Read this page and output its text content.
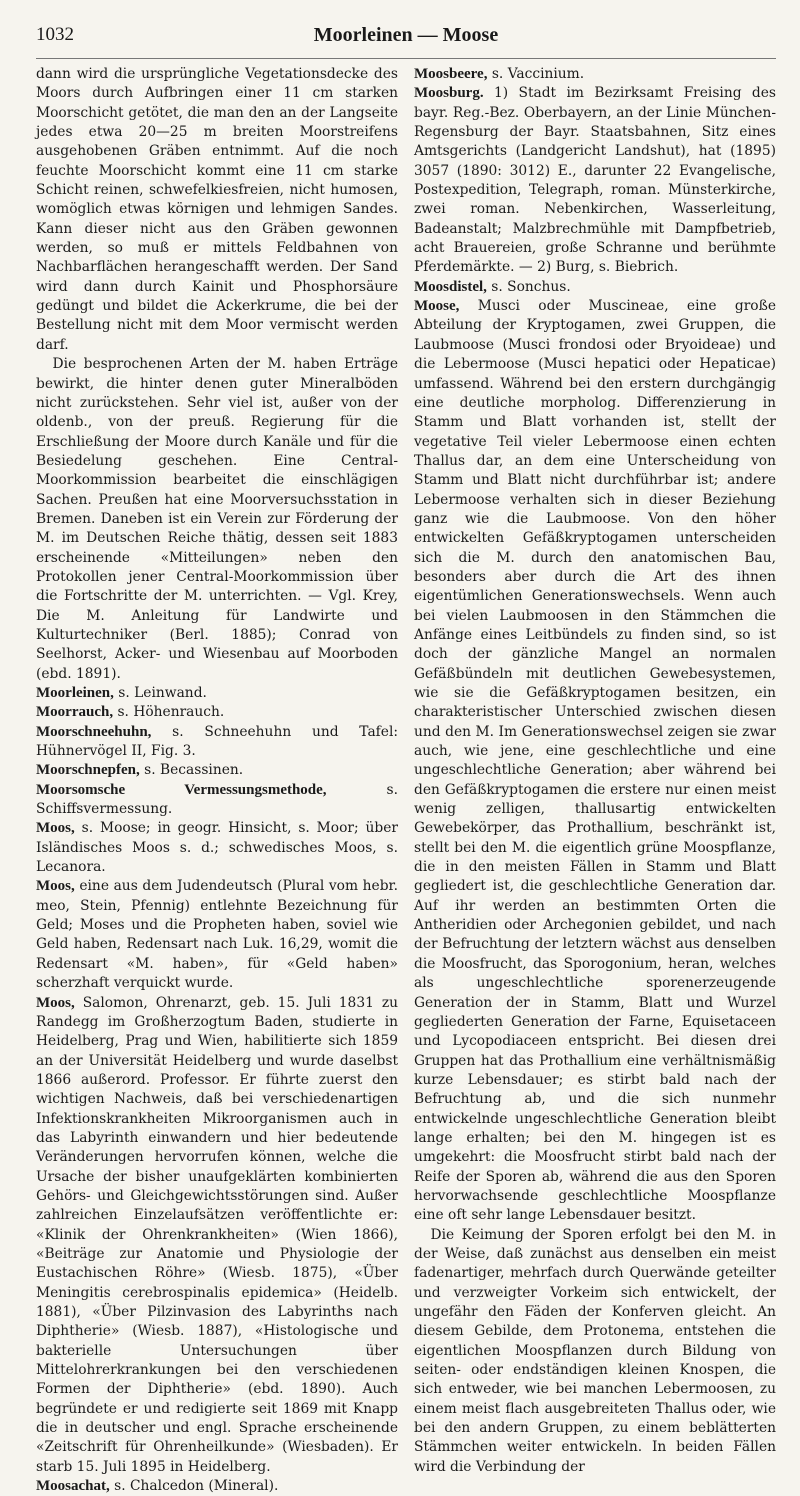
1032	Moorleinen — Moose

dann wird die ursprüngliche Vegetationsdecke des Moors durch Aufbringen einer 11 cm starken Moorschicht getötet, die man den an der Langseite jedes etwa 20—25 m breiten Moorstreifens ausgehobenen Gräben entnimmt. Auf die noch feuchte Moorschicht kommt eine 11 cm starke Schicht reinen, schwefelkiesfreien, nicht humosen, womöglich etwas körnigen und lehmigen Sandes. Kann dieser nicht aus den Gräben gewonnen werden, so muß er mittels Feldbahnen von Nachbarflächen herangeschafft werden. Der Sand wird dann durch Kainit und Phosphorsäure gedüngt und bildet die Ackerkrume, die bei der Bestellung nicht mit dem Moor vermischt werden darf.

Die besprochenen Arten der M. haben Erträge bewirkt, die hinter denen guter Mineralböden nicht zurückstehen. Sehr viel ist, außer von der oldenb., von der preuß. Regierung für die Erschließung der Moore durch Kanäle und für die Besiedelung geschehen. Eine Central-Moorkommission bearbeitet die einschlägigen Sachen. Preußen hat eine Moorversuchsstation in Bremen. Daneben ist ein Verein zur Förderung der M. im Deutschen Reiche thätig, dessen seit 1883 erscheinende «Mitteilungen» neben den Protokollen jener Central-Moorkommission über die Fortschritte der M. unterrichten. — Vgl. Krey, Die M. Anleitung für Landwirte und Kulturtechniker (Berl. 1885); Conrad von Seelhorst, Acker- und Wiesenbau auf Moorboden (ebd. 1891).

Moorleinen, s. Leinwand.

Moorrauch, s. Höhenrauch.

Moorschneehuhn, s. Schneehuhn und Tafel: Hühnervögel II, Fig. 3.

Moorschnepfen, s. Becassinen.

Moorsomsche Vermessungsmethode, s. Schiffsvermessung.

Moos, s. Moose; in geogr. Hinsicht, s. Moor; über Isländisches Moos s. d.; schwedisches Moos, s. Lecanora.

Moos, eine aus dem Judendeutsch (Plural vom hebr. meo, Stein, Pfennig) entlehnte Bezeichnung für Geld; Moses und die Propheten haben, soviel wie Geld haben, Redensart nach Luk. 16,29, womit die Redensart «M. haben», für «Geld haben» scherzhaft verquickt wurde.

Moos, Salomon, Ohrenarzt, geb. 15. Juli 1831 zu Randegg im Großherzogtum Baden, studierte in Heidelberg, Prag und Wien, habilitierte sich 1859 an der Universität Heidelberg und wurde daselbst 1866 außerord. Professor. Er führte zuerst den wichtigen Nachweis, daß bei verschiedenartigen Infektionskrankheiten Mikroorganismen auch in das Labyrinth einwandern und hier bedeutende Veränderungen hervorrufen können, welche die Ursache der bisher unaufgeklärten kombinierten Gehörs- und Gleichgewichtsstörungen sind. Außer zahlreichen Einzelaufsätzen veröffentlichte er: «Klinik der Ohrenkrankheiten» (Wien 1866), «Beiträge zur Anatomie und Physiologie der Eustachischen Röhre» (Wiesb. 1875), «Über Meningitis cerebrospinalis epidemica» (Heidelb. 1881), «Über Pilzinvasion des Labyrinths nach Diphtherie» (Wiesb. 1887), «Histologische und bakterielle Untersuchungen über Mittelohrerkrankungen bei den verschiedenen Formen der Diphtherie» (ebd. 1890). Auch begründete er und redigierte seit 1869 mit Knapp die in deutscher und engl. Sprache erscheinende «Zeitschrift für Ohrenheilkunde» (Wiesbaden). Er starb 15. Juli 1895 in Heidelberg.

Moosachat, s. Chalcedon (Mineral).

Moosbeere, s. Vaccinium.

Moosburg. 1) Stadt im Bezirksamt Freising des bayr. Reg.-Bez. Oberbayern, an der Linie München-Regensburg der Bayr. Staatsbahnen, Sitz eines Amtsgerichts (Landgericht Landshut), hat (1895) 3057 (1890: 3012) E., darunter 22 Evangelische, Postexpedition, Telegraph, roman. Münsterkirche, zwei roman. Nebenkirchen, Wasserleitung, Badeanstalt; Malzbrechmühle mit Dampfbetrieb, acht Brauereien, große Schranne und berühmte Pferdemärkte. — 2) Burg, s. Biebrich.

Moosdistel, s. Sonchus.

Moose, Musci oder Muscineae, eine große Abteilung der Kryptogamen, zwei Gruppen, die Laubmoose (Musci frondosi oder Bryoideae) und die Lebermoose (Musci hepatici oder Hepaticae) umfassend. Während bei den erstern durchgängig eine deutliche morpholog. Differenzierung in Stamm und Blatt vorhanden ist, stellt der vegetative Teil vieler Lebermoose einen echten Thallus dar, an dem eine Unterscheidung von Stamm und Blatt nicht durchführbar ist; andere Lebermoose verhalten sich in dieser Beziehung ganz wie die Laubmoose. Von den höher entwickelten Gefäßkryptogamen unterscheiden sich die M. durch den anatomischen Bau, besonders aber durch die Art des ihnen eigentümlichen Generationswechsels. Wenn auch bei vielen Laubmoosen in den Stämmchen die Anfänge eines Leitbündels zu finden sind, so ist doch der gänzliche Mangel an normalen Gefäßbündeln mit deutlichen Gewebesystemen, wie sie die Gefäßkryptogamen besitzen, ein charakteristischer Unterschied zwischen diesen und den M. Im Generationswechsel zeigen sie zwar auch, wie jene, eine geschlechtliche und eine ungeschlechtliche Generation; aber während bei den Gefäßkryptogamen die erstere nur einen meist wenig zelligen, thallusartig entwickelten Gewebekörper, das Prothallium, beschränkt ist, stellt bei den M. die eigentlich grüne Moospflanze, die in den meisten Fällen in Stamm und Blatt gegliedert ist, die geschlechtliche Generation dar. Auf ihr werden an bestimmten Orten die Antheridien oder Archegonien gebildet, und nach der Befruchtung der letztern wächst aus denselben die Moosfrucht, das Sporogonium, heran, welches als ungeschlechtliche sporenerzeugende Generation der in Stamm, Blatt und Wurzel gegliederten Generation der Farne, Equisetaceen und Lycopodiaceen entspricht. Bei diesen drei Gruppen hat das Prothallium eine verhältnismäßig kurze Lebensdauer; es stirbt bald nach der Befruchtung ab, und die sich nunmehr entwickelnde ungeschlechtliche Generation bleibt lange erhalten; bei den M. hingegen ist es umgekehrt: die Moosfrucht stirbt bald nach der Reife der Sporen ab, während die aus den Sporen hervorwachsende geschlechtliche Moospflanze eine oft sehr lange Lebensdauer besitzt.

Die Keimung der Sporen erfolgt bei den M. in der Weise, daß zunächst aus denselben ein meist fadenartiger, mehrfach durch Querwände geteilter und verzweigter Vorkeim sich entwickelt, der ungefähr den Fäden der Konferven gleicht. An diesem Gebilde, dem Protonema, entstehen die eigentlichen Moospflanzen durch Bildung von seiten- oder endständigen kleinen Knospen, die sich entweder, wie bei manchen Lebermoosen, zu einem meist flach ausgebreiteten Thallus oder, wie bei den andern Gruppen, zu einem beblätterten Stämmchen weiter entwickeln. In beiden Fällen wird die Verbindung der
